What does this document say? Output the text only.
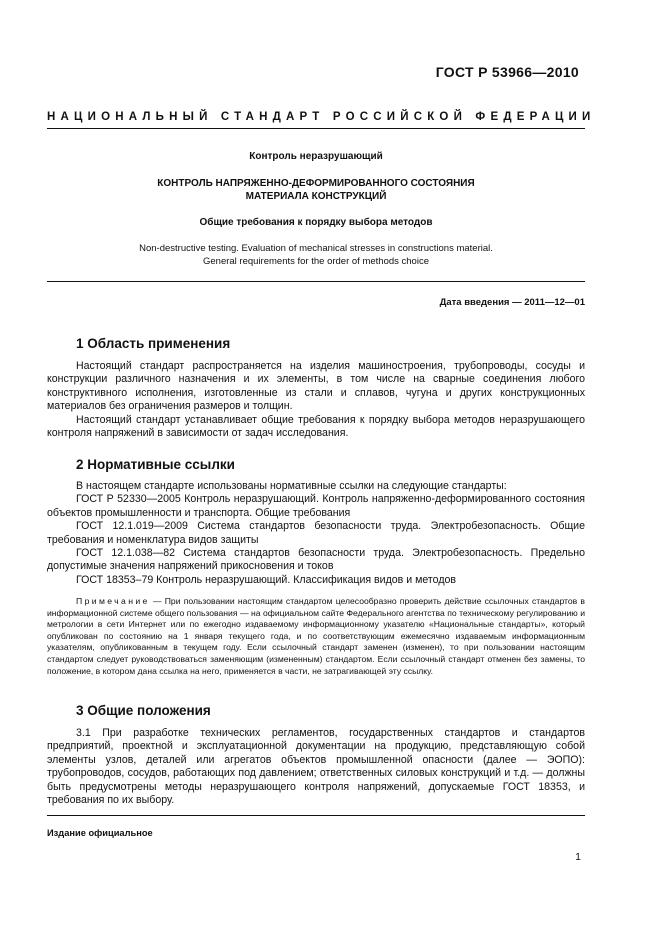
ГОСТ Р 53966—2010
НАЦИОНАЛЬНЫЙ СТАНДАРТ РОССИЙСКОЙ ФЕДЕРАЦИИ
Контроль неразрушающий
КОНТРОЛЬ НАПРЯЖЕННО-ДЕФОРМИРОВАННОГО СОСТОЯНИЯ
МАТЕРИАЛА КОНСТРУКЦИЙ
Общие требования к порядку выбора методов
Non-destructive testing. Evaluation of mechanical stresses in constructions material.
General requirements for the order of methods choice
Дата введения — 2011—12—01
1 Область применения

Настоящий стандарт распространяется на изделия машиностроения, трубопроводы, сосуды и конструкции различного назначения и их элементы, в том числе на сварные соединения любого конструктивного исполнения, изготовленные из стали и сплавов, чугуна и других конструкционных материалов без ограничения размеров и толщин.

Настоящий стандарт устанавливает общие требования к порядку выбора методов неразрушающего контроля напряжений в зависимости от задач исследования.

2 Нормативные ссылки

В настоящем стандарте использованы нормативные ссылки на следующие стандарты:

ГОСТ Р 52330—2005 Контроль неразрушающий. Контроль напряженно-деформированного состояния объектов промышленности и транспорта. Общие требования

ГОСТ 12.1.019—2009 Система стандартов безопасности труда. Электробезопасность. Общие требования и номенклатура видов защиты

ГОСТ 12.1.038—82 Система стандартов безопасности труда. Электробезопасность. Предельно допустимые значения напряжений прикосновения и токов

ГОСТ 18353–79 Контроль неразрушающий. Классификация видов и методов

Примечание — При пользовании настоящим стандартом целесообразно проверить действие ссылочных стандартов в информационной системе общего пользования — на официальном сайте Федерального агентства по техническому регулированию и метрологии в сети Интернет или по ежегодно издаваемому информационному указателю «Национальные стандарты», который опубликован по состоянию на 1 января текущего года, и по соответствующим ежемесячно издаваемым информационным указателям, опубликованным в текущем году. Если ссылочный стандарт заменен (изменен), то при пользовании настоящим стандартом следует руководствоваться заменяющим (измененным) стандартом. Если ссылочный стандарт отменен без замены, то положение, в котором дана ссылка на него, применяется в части, не затрагивающей эту ссылку.

3 Общие положения

3.1 При разработке технических регламентов, государственных стандартов и стандартов предприятий, проектной и эксплуатационной документации на продукцию, представляющую собой элементы узлов, деталей или агрегатов объектов промышленной опасности (далее — ЭОПО): трубопроводов, сосудов, работающих под давлением; ответственных силовых конструкций и т.д. — должны быть предусмотрены методы неразрушающего контроля напряжений, допускаемые ГОСТ 18353, и требования по их выбору.

Издание официальное
1
